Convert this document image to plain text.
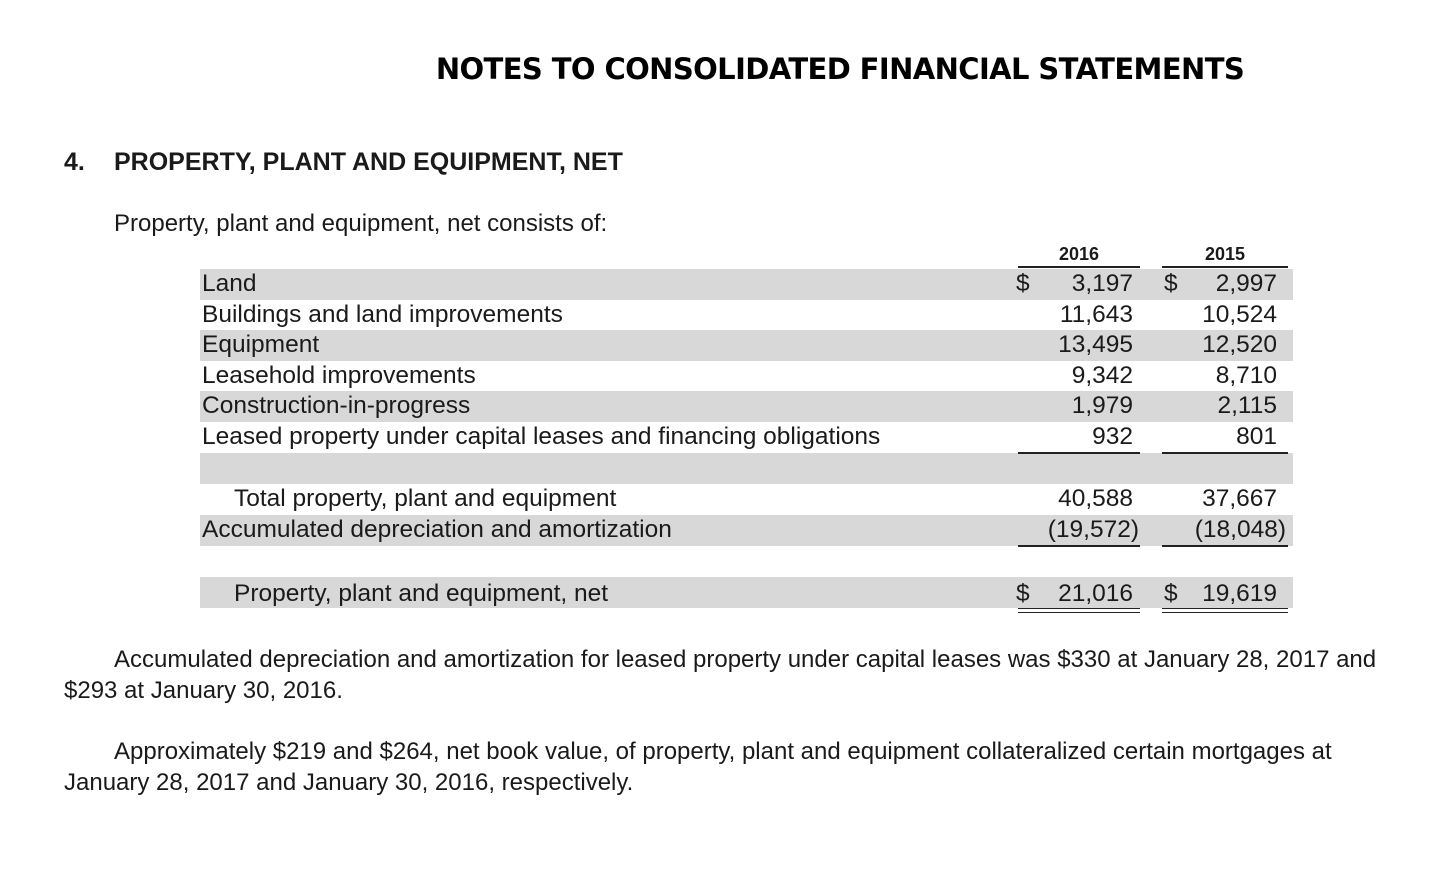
NOTES TO CONSOLIDATED FINANCIAL STATEMENTS
4. PROPERTY, PLANT AND EQUIPMENT, NET
Property, plant and equipment, net consists of:
2016	2015
Land	$ 3,197 $ 2,997
Buildings and land improvements	11,643	10,524
Equipment	13,495	12,520
Leasehold improvements	9,342	8,710
Construction-in-progress	1,979	2,115
Leased property under capital leases and financing obligations	932	801
Total property, plant and equipment	40,588	37,667
Accumulated depreciation and amortization	(19,572) (18,048)
Property, plant and equipment, net	$ 21,016 $ 19,619
Accumulated depreciation and amortization for leased property under capital leases was $330 at January 28, 2017 and $293 at January 30, 2016.
Approximately $219 and $264, net book value, of property, plant and equipment collateralized certain mortgages at January 28, 2017 and January 30, 2016, respectively.
